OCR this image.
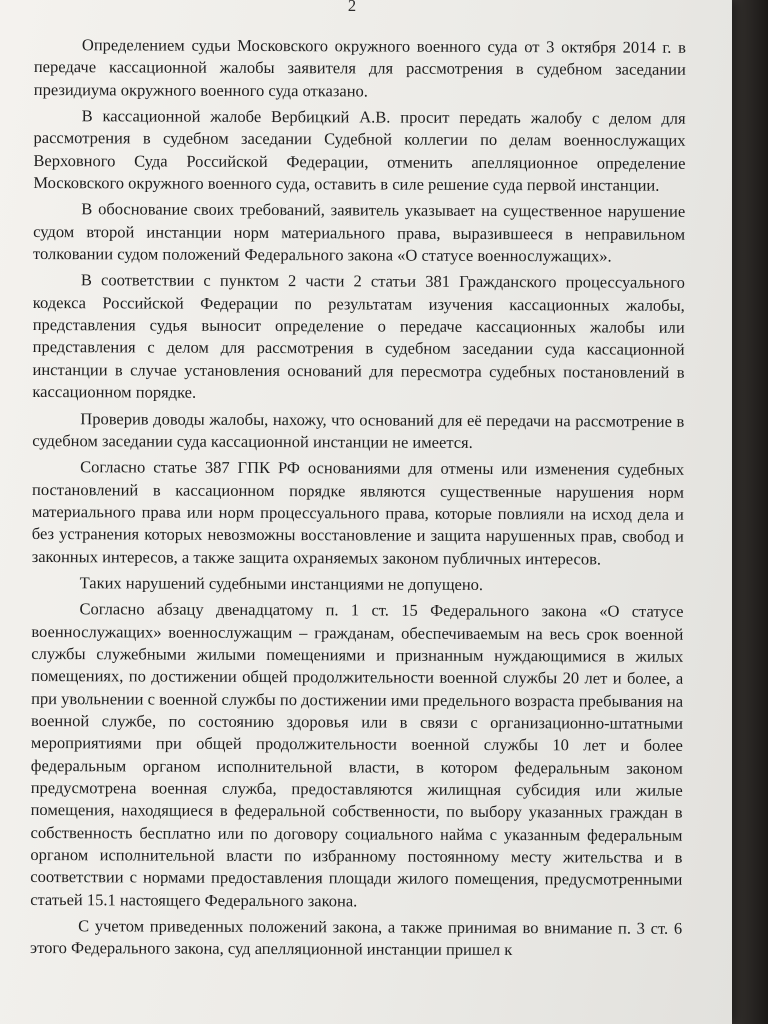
2

Определением судьи Московского окружного военного суда от 3 октября 2014 г. в передаче кассационной жалобы заявителя для рассмотрения в судебном заседании президиума окружного военного суда отказано.

В кассационной жалобе Вербицкий А.В. просит передать жалобу с делом для рассмотрения в судебном заседании Судебной коллегии по делам военнослужащих Верховного Суда Российской Федерации, отменить апелляционное определение Московского окружного военного суда, оставить в силе решение суда первой инстанции.

В обоснование своих требований, заявитель указывает на существенное нарушение судом второй инстанции норм материального права, выразившееся в неправильном толковании судом положений Федерального закона «О статусе военнослужащих».

В соответствии с пунктом 2 части 2 статьи 381 Гражданского процессуального кодекса Российской Федерации по результатам изучения кассационных жалобы, представления судья выносит определение о передаче кассационных жалобы или представления с делом для рассмотрения в судебном заседании суда кассационной инстанции в случае установления оснований для пересмотра судебных постановлений в кассационном порядке.

Проверив доводы жалобы, нахожу, что оснований для её передачи на рассмотрение в судебном заседании суда кассационной инстанции не имеется.

Согласно статье 387 ГПК РФ основаниями для отмены или изменения судебных постановлений в кассационном порядке являются существенные нарушения норм материального права или норм процессуального права, которые повлияли на исход дела и без устранения которых невозможны восстановление и защита нарушенных прав, свобод и законных интересов, а также защита охраняемых законом публичных интересов.

Таких нарушений судебными инстанциями не допущено.

Согласно абзацу двенадцатому п. 1 ст. 15 Федерального закона «О статусе военнослужащих» военнослужащим – гражданам, обеспечиваемым на весь срок военной службы служебными жилыми помещениями и признанным нуждающимися в жилых помещениях, по достижении общей продолжительности военной службы 20 лет и более, а при увольнении с военной службы по достижении ими предельного возраста пребывания на военной службе, по состоянию здоровья или в связи с организационно-штатными мероприятиями при общей продолжительности военной службы 10 лет и более федеральным органом исполнительной власти, в котором федеральным законом предусмотрена военная служба, предоставляются жилищная субсидия или жилые помещения, находящиеся в федеральной собственности, по выбору указанных граждан в собственность бесплатно или по договору социального найма с указанным федеральным органом исполнительной власти по избранному постоянному месту жительства и в соответствии с нормами предоставления площади жилого помещения, предусмотренными статьей 15.1 настоящего Федерального закона.

С учетом приведенных положений закона, а также принимая во внимание п. 3 ст. 6 этого Федерального закона, суд апелляционной инстанции пришел к
